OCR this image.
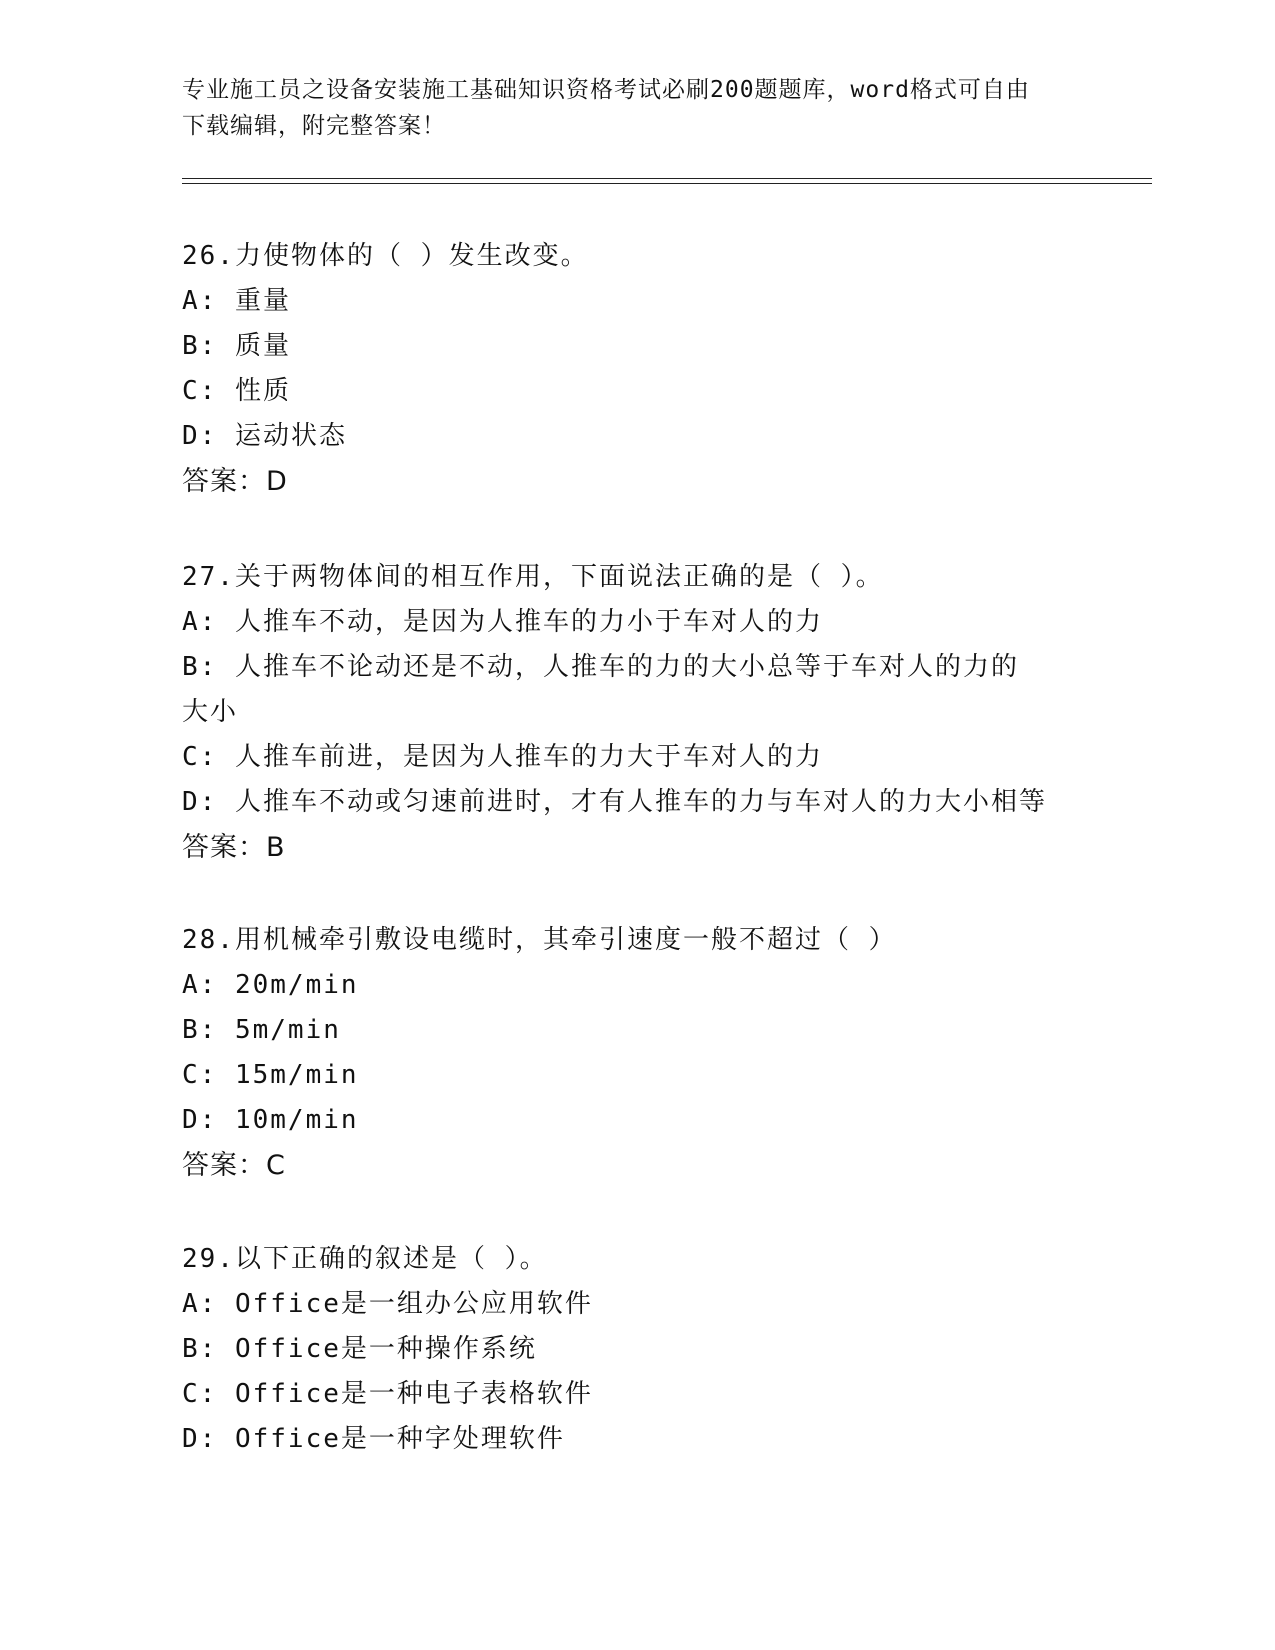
专业施工员之设备安装施工基础知识资格考试必刷200题题库，word格式可自由
下载编辑，附完整答案！
26.力使物体的（ ）发生改变。
A: 重量
B: 质量
C: 性质
D: 运动状态
答案：D
27.关于两物体间的相互作用，下面说法正确的是（ ）。
A: 人推车不动，是因为人推车的力小于车对人的力
B: 人推车不论动还是不动，人推车的力的大小总等于车对人的力的大小
C: 人推车前进，是因为人推车的力大于车对人的力
D: 人推车不动或匀速前进时，才有人推车的力与车对人的力大小相等
答案：B
28.用机械牵引敷设电缆时，其牵引速度一般不超过（ ）
A: 20m/min
B: 5m/min
C: 15m/min
D: 10m/min
答案：C
29.以下正确的叙述是（ ）。
A: Office是一组办公应用软件
B: Office是一种操作系统
C: Office是一种电子表格软件
D: Office是一种字处理软件
